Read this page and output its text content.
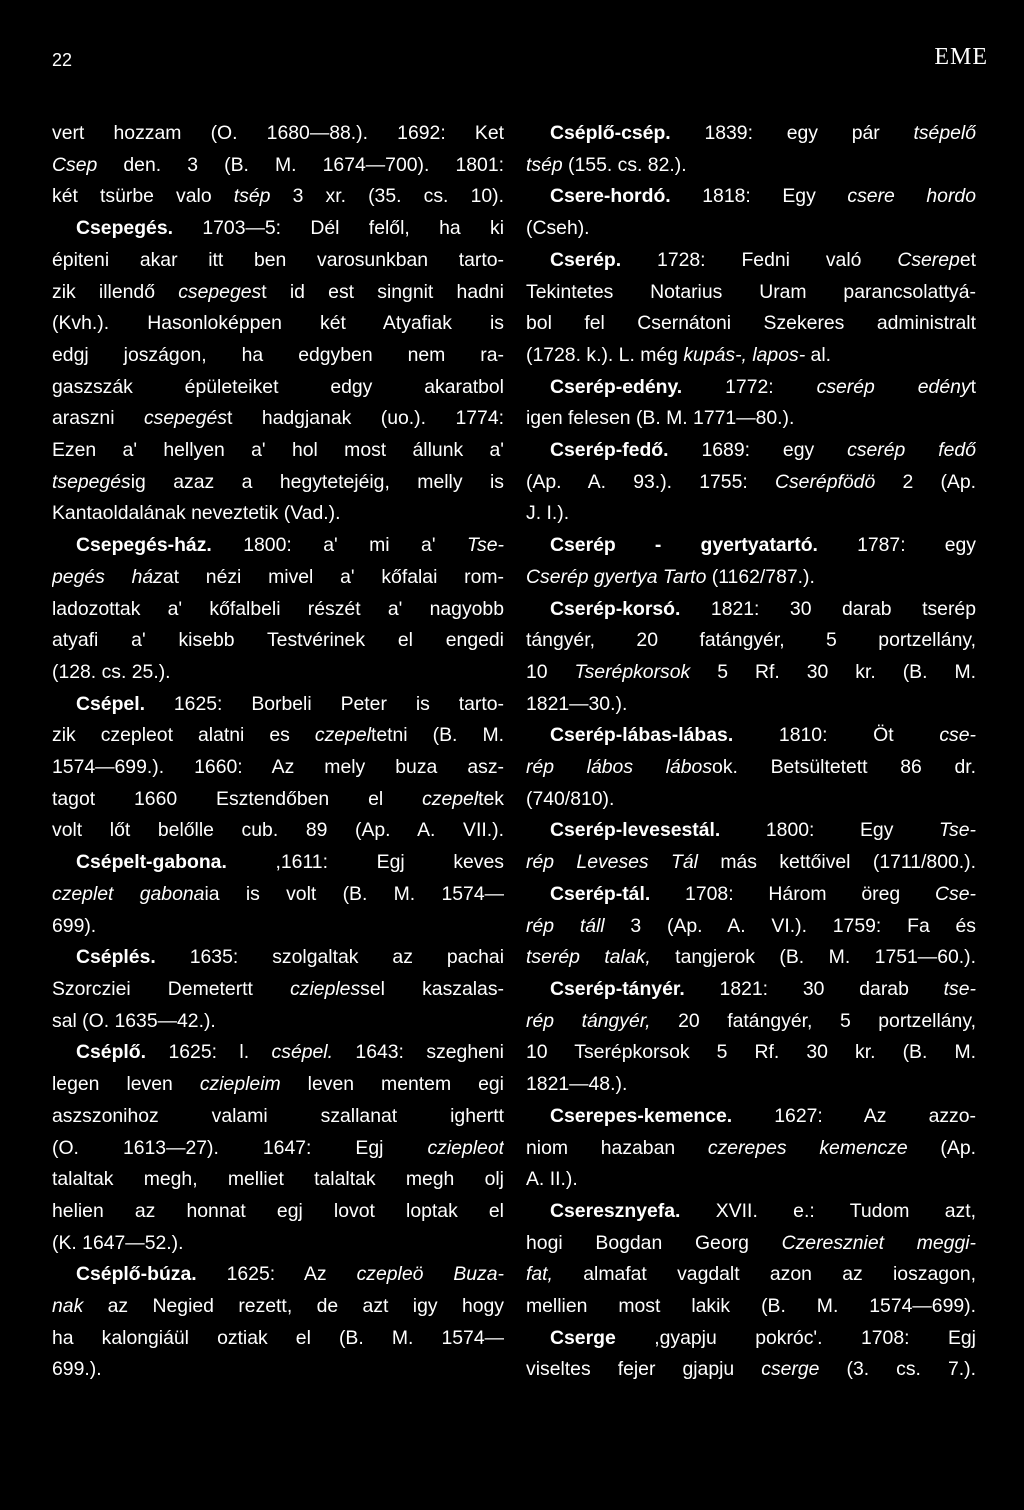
22	EME
vert hozzam (O. 1680—88.). 1692: Ket
Csep den. 3 (B. M. 1674—700). 1801:
két tsürbe valo tsép 3 xr. (35. cs. 10).
Csepegés. 1703—5: Dél felől, ha ki
épiteni akar itt ben varosunkban tarto-
zik illendő csepegest id est singnit hadni
(Kvh.). Hasonloképpen két Atyafiak is
edgj joszágon, ha edgyben nem ra-
gaszszák épületeiket edgy akaratbol
araszni csepegést hadgjanak (uo.). 1774:
Ezen a' hellyen a' hol most állunk a'
tsepegésig azaz a hegytetejéig, melly is
Kantaoldalának neveztetik (Vad.).
Csepegés-ház. 1800: a' mi a' Tse-
pegés házat nézi mivel a' kőfalai rom-
ladozottak a' kőfalbeli részét a' nagyobb
atyafi a' kisebb Testvérinek el engedi
(128. cs. 25.).
Csépel. 1625: Borbeli Peter is tarto-
zik czepleot alatni es czepeltetni (B. M.
1574—699.). 1660: Az mely buza asz-
tagot 1660 Esztendőben el czepeltek
volt lőt belőlle cub. 89 (Ap. A. VII.).
Csépelt-gabona. ,1611: Egj keves
czeplet gabonaia is volt (B. M. 1574—
699).
Cséplés. 1635: szolgaltak az pachai
Szorcziei Demetertt czieplessel kaszalas-
sal (O. 1635—42.).
Cséplő. 1625: l. csépel. 1643: szegheni
legen leven cziepleim leven mentem egi
aszszonihoz valami szallanat ighertt
(O. 1613—27). 1647: Egj cziepleot
talaltak megh, melliet talaltak megh olj
helien az honnat egj lovot loptak el
(K. 1647—52.).
Cséplő-búza. 1625: Az czepleö Buza-
nak az Negied rezett, de azt igy hogy
ha kalongiáül oztiak el (B. M. 1574—
699.).
Cséplő-csép. 1839: egy pár tsépelő
tsép (155. cs. 82.).
Csere-hordó. 1818: Egy csere hordo
(Cseh).
Cserép. 1728: Fedni való Cserepet
Tekintetes Notarius Uram parancsolattyá-
bol fel Csernátoni Szekeres administralt
(1728. k.). L. még kupás-, lapos- al.
Cserép-edény. 1772: cserép edényt
igen felesen (B. M. 1771—80.).
Cserép-fedő. 1689: egy cserép fedő
(Ap. A. 93.). 1755: Cserépfödö 2 (Ap.
J. I.).
Cserép - gyertyatartó. 1787: egy
Cserép gyertya Tarto (1162/787.).
Cserép-korsó. 1821: 30 darab tserép
tángyér, 20 fatángyér, 5 portzellány,
10 Tserépkorsok 5 Rf. 30 kr. (B. M.
1821—30.).
Cserép-lábas-lábas. 1810: Öt cse-
rép lábos lábosok. Betsültetett 86 dr.
(740/810).
Cserép-levesestál. 1800: Egy Tse-
rép Leveses Tál más kettőivel (1711/800.).
Cserép-tál. 1708: Három öreg Cse-
rép táll 3 (Ap. A. VI.). 1759: Fa és
tserép talak, tangjerok (B. M. 1751—60.).
Cserép-tányér. 1821: 30 darab tse-
rép tángyér, 20 fatángyér, 5 portzellány,
10 Tserépkorsok 5 Rf. 30 kr. (B. M.
1821—48.).
Cserepes-kemence. 1627: Az azzo-
niom hazaban czerepes kemencze (Ap.
A. II.).
Cseresznyefa. XVII. e.: Tudom azt,
hogi Bogdan Georg Czereszniet meggi-
fat, almafat vagdalt azon az ioszagon,
mellien most lakik (B. M. 1574—699).
Cserge ,gyapju pokróc'. 1708: Egj
viseltes fejer gjapju cserge (3. cs. 7.).
